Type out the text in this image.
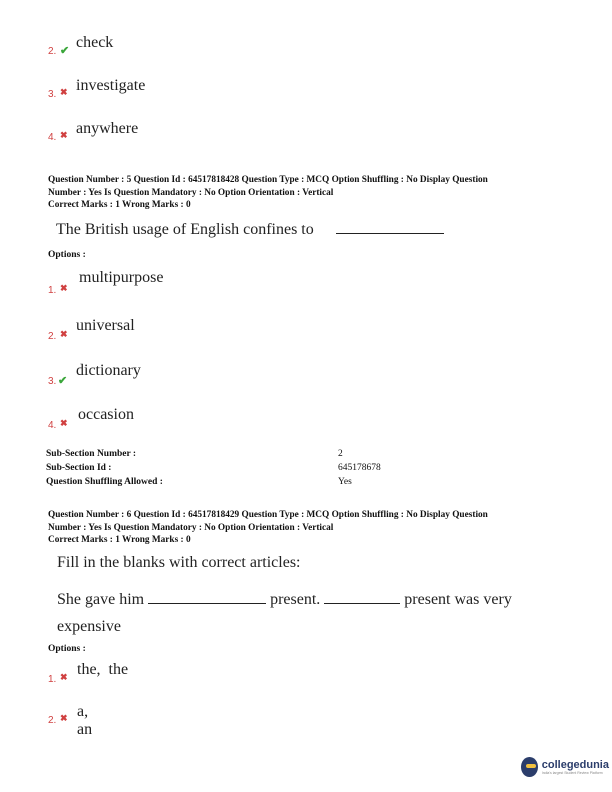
2. ✔ check
3. ✖ investigate
4. ✖ anywhere
Question Number : 5 Question Id : 64517818428 Question Type : MCQ Option Shuffling : No Display Question
Number : Yes Is Question Mandatory : No Option Orientation : Vertical
Correct Marks : 1 Wrong Marks : 0
The British usage of English confines to
Options :
1. ✖
multipurpose
2. ✖ universal
3. ✔
dictionary
4. ✖ occasion
Sub-Section Number :	2
Sub-Section Id :	645178678
Question Shuffling Allowed :	Yes
Question Number : 6 Question Id : 64517818429 Question Type : MCQ Option Shuffling : No Display Question
Number : Yes Is Question Mandatory : No Option Orientation : Vertical
Correct Marks : 1 Wrong Marks : 0
Fill in the blanks with correct articles:
She gave him	present.	present was very
expensive
Options :
1. ✖ the,  the
2. ✖ a, an
collegedunia
India's largest Student Review Platform
